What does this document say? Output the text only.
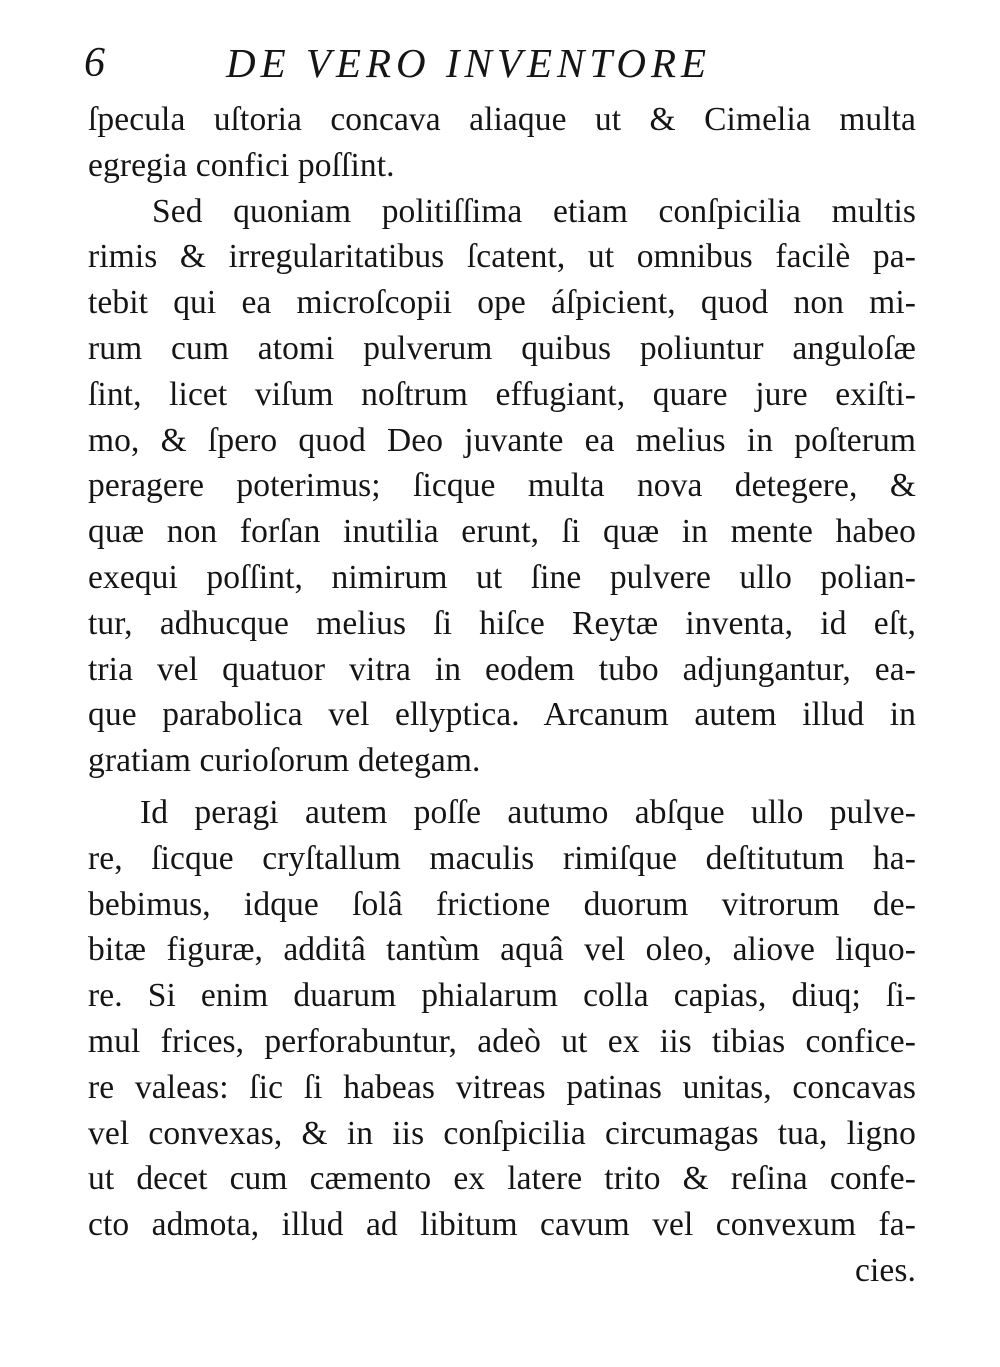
6	DE VERO INVENTORE
ſpecula uſtoria concava aliaque ut & Cimelia multa
egregia confici poſſint.
Sed quoniam politiſſima etiam conſpicilia multis
rimis & irregularitatibus ſcatent, ut omnibus facilè pa-
tebit qui ea microſcopii ope áſpicient, quod non mi-
rum cum atomi pulverum quibus poliuntur anguloſæ
ſint, licet viſum noſtrum effugiant, quare jure exiſti-
mo, & ſpero quod Deo juvante ea melius in poſterum
peragere poterimus; ſicque multa nova detegere, &
quæ non forſan inutilia erunt, ſi quæ in mente habeo
exequi poſſint, nimirum ut ſine pulvere ullo polian-
tur, adhucque melius ſi hiſce Reytæ inventa, id eſt,
tria vel quatuor vitra in eodem tubo adjungantur, ea-
que parabolica vel ellyptica. Arcanum autem illud in
gratiam curioſorum detegam.
Id peragi autem poſſe autumo abſque ullo pulve-
re, ſicque cryſtallum maculis rimiſque deſtitutum ha-
bebimus, idque ſolâ frictione duorum vitrorum de-
bitæ figuræ, additâ tantùm aquâ vel oleo, aliove liquo-
re. Si enim duarum phialarum colla capias, diuq; ſi-
mul frices, perforabuntur, adeò ut ex iis tibias confice-
re valeas: ſic ſi habeas vitreas patinas unitas, concavas
vel convexas, & in iis conſpicilia circumagas tua, ligno
ut decet cum cæmento ex latere trito & reſina confe-
cto admota, illud ad libitum cavum vel convexum fa-
cies.
